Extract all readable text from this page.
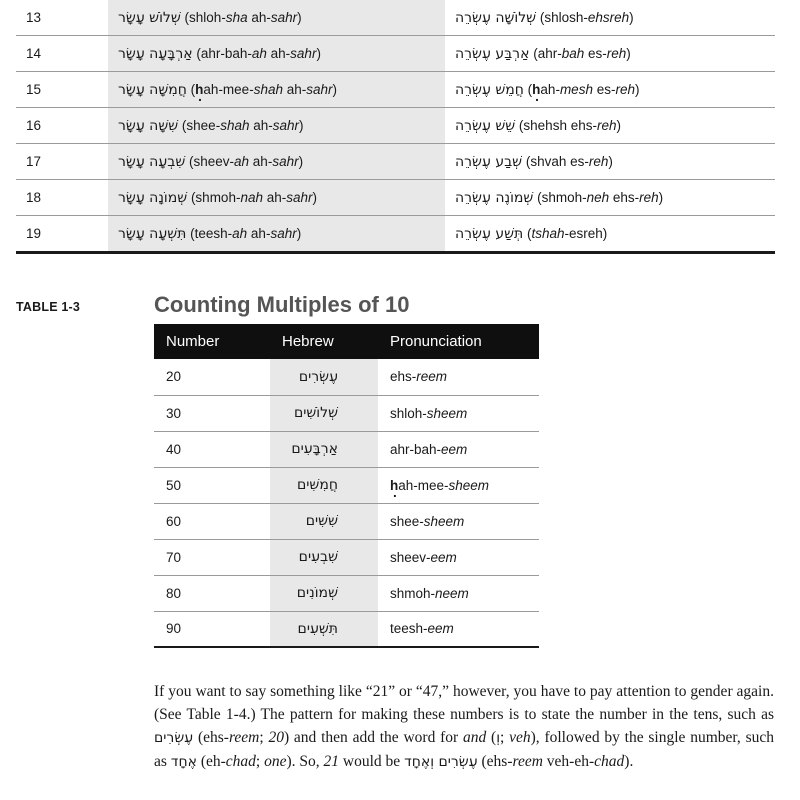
13	שְׁלוֹשׁ עָשָׂר (shloh-sha ah-sahr)	שְׁלוֹשָׁה עֶשְׂרֵה (shlosh-ehsreh)
14	אַרְבָּעָה עָשָׂר (ahr-bah-ah ah-sahr)	אַרְבַּע עֶשְׂרֵה (ahr-bah es-reh)
15	חֲמִשָּׁה עָשָׂר (h .ah-mee-shah ah-sahr)	חֲמֵשׁ עֶשְׂרֵה (h .ah-mesh es-reh)
16	שִׁשָּׁה עָשָׂר (shee-shah ah-sahr)	שֵׁשׁ עֶשְׂרֵה (shehsh ehs-reh)
17	שִׁבְעָה עָשָׂר (sheev-ah ah-sahr)	שְׁבַע עֶשְׂרֵה (shvah es-reh)
18	שְׁמוֹנָה עָשָׂר (shmoh-nah ah-sahr)	שְׁמוֹנֶה עֶשְׂרֵה (shmoh-neh ehs-reh)
19	תִּשְׁעָה עָשָׂר (teesh-ah ah-sahr)	תְּשַׁע עֶשְׂרֵה (tshah-esreh)
TABLE 1-3	Counting Multiples of 10
Number	Hebrew	Pronunciation
20	עֶשְׂרִים	ehs-reem
30	שְׁלוֹשִׁים	shloh-sheem
40	אַרְבָּעִים	ahr-bah-eem
50	חֲמִשִּׁים	h .ah-mee-sheem
60	שִׁשִּׁים	shee-sheem
70	שִׁבְעִים	sheev-eem
80	שְׁמוֹנִים	shmoh-neem
90	תִּשְׁעִים	teesh-eem

If you want to say something like “21” or “47,” however, you have to pay attention to gender again. (See Table 1-4.) The pattern for making these numbers is to state the number in the tens, such as עֶשְׂרִים (ehs-reem; 20) and then add the word for and (וְ; veh), followed by the single number, such as אֶחָד (eh-chad; one). So, 21 would be עֶשְׂרִים וְאֶחָד (ehs-reem veh-eh-chad).
